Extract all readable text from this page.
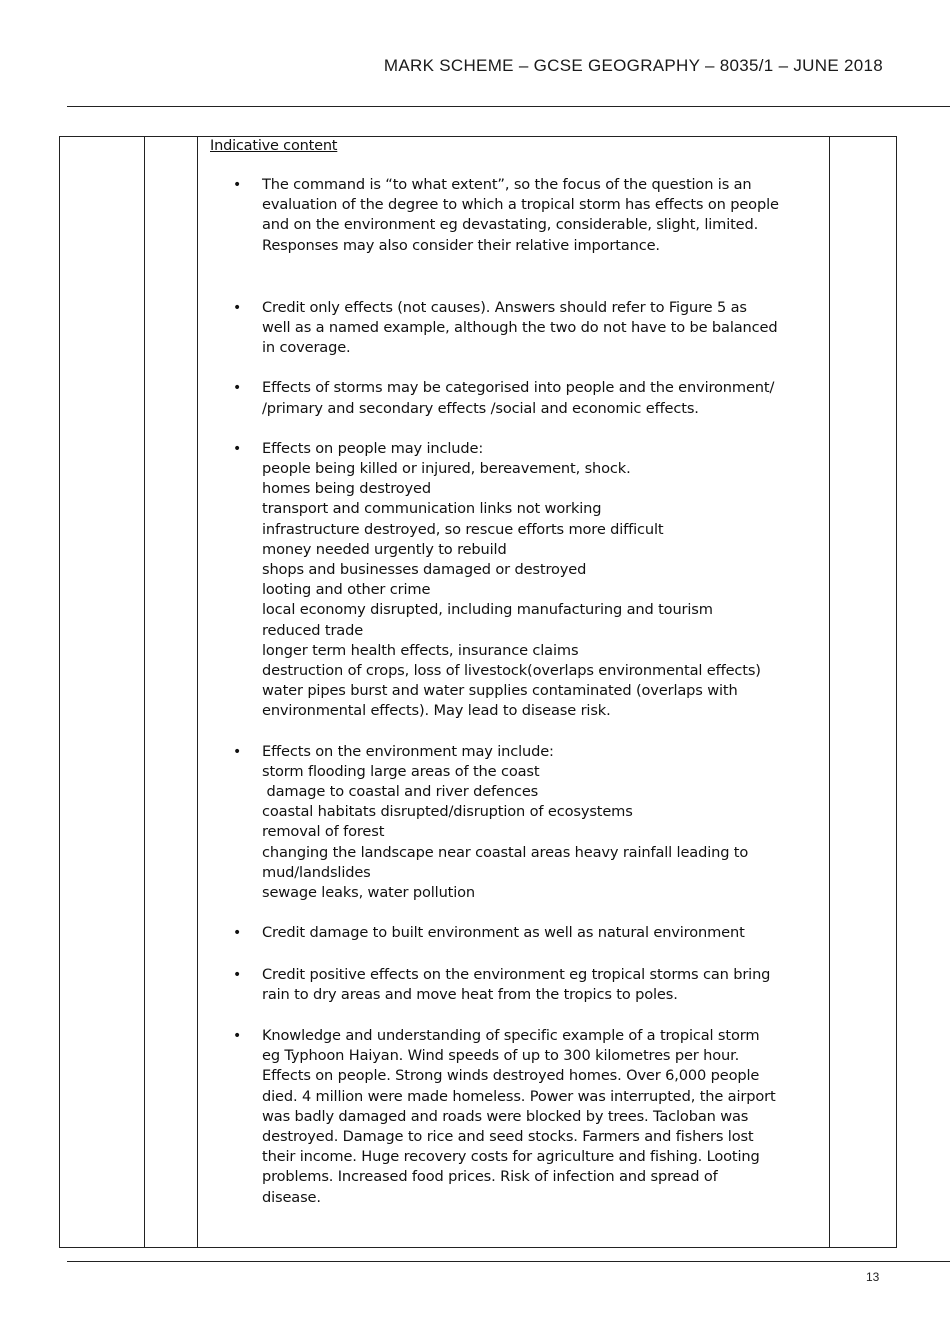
MARK SCHEME – GCSE GEOGRAPHY – 8035/1 – JUNE 2018
Indicative content
• The command is “to what extent”, so the focus of the question is an
evaluation of the degree to which a tropical storm has effects on people
and on the environment eg devastating, considerable, slight, limited.
Responses may also consider their relative importance.
• Credit only effects (not causes). Answers should refer to Figure 5 as
well as a named example, although the two do not have to be balanced
in coverage.
• Effects of storms may be categorised into people and the environment/
/primary and secondary effects /social and economic effects.
• Effects on people may include:
people being killed or injured, bereavement, shock.
homes being destroyed
transport and communication links not working
infrastructure destroyed, so rescue efforts more difficult
money needed urgently to rebuild
shops and businesses damaged or destroyed
looting and other crime
local economy disrupted, including manufacturing and tourism
reduced trade
longer term health effects, insurance claims
destruction of crops, loss of livestock(overlaps environmental effects)
water pipes burst and water supplies contaminated (overlaps with
environmental effects). May lead to disease risk.
• Effects on the environment may include:
storm flooding large areas of the coast
damage to coastal and river defences
coastal habitats disrupted/disruption of ecosystems
removal of forest
changing the landscape near coastal areas heavy rainfall leading to
mud/landslides
sewage leaks, water pollution
• Credit damage to built environment as well as natural environment
• Credit positive effects on the environment eg tropical storms can bring
rain to dry areas and move heat from the tropics to poles.
• Knowledge and understanding of specific example of a tropical storm
eg Typhoon Haiyan. Wind speeds of up to 300 kilometres per hour.
Effects on people. Strong winds destroyed homes. Over 6,000 people
died. 4 million were made homeless. Power was interrupted, the airport
was badly damaged and roads were blocked by trees. Tacloban was
destroyed. Damage to rice and seed stocks. Farmers and fishers lost
their income. Huge recovery costs for agriculture and fishing. Looting
problems. Increased food prices. Risk of infection and spread of
disease.
13
